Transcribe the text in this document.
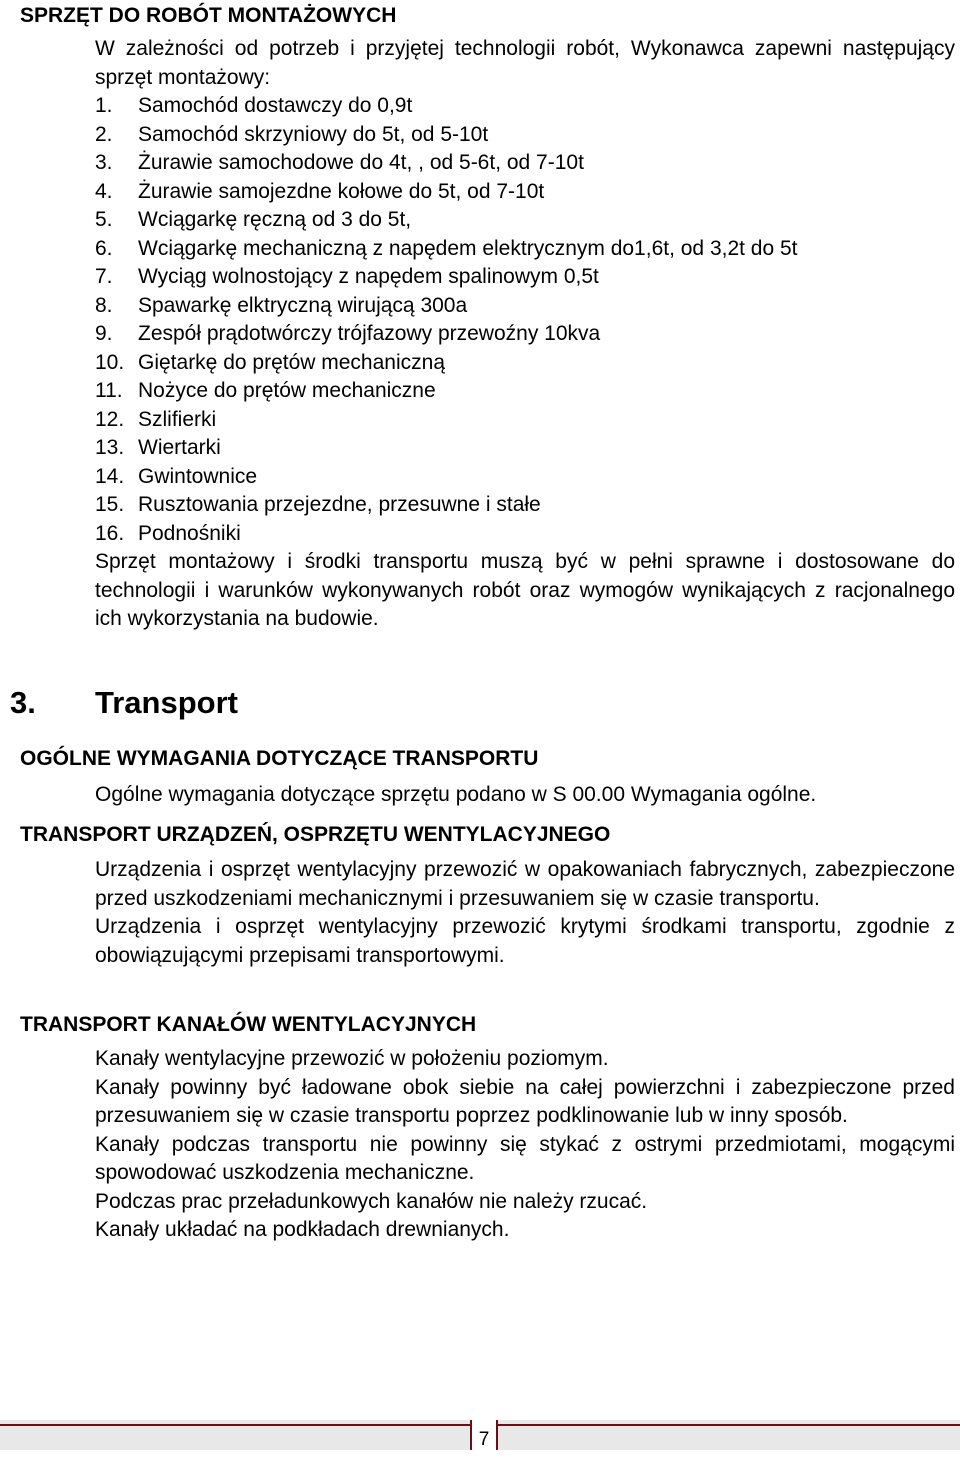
SPRZĘT DO ROBÓT MONTAŻOWYCH

W zależności od potrzeb i przyjętej technologii robót, Wykonawca zapewni następujący sprzęt montażowy:

1. Samochód dostawczy do 0,9t
2. Samochód skrzyniowy do 5t, od 5-10t
3. Żurawie samochodowe do 4t, , od 5-6t, od 7-10t
4. Żurawie samojezdne kołowe do 5t, od 7-10t
5. Wciągarkę ręczną od 3 do 5t,
6. Wciągarkę mechaniczną z napędem elektrycznym do1,6t, od 3,2t do 5t
7. Wyciąg wolnostojący z napędem spalinowym 0,5t
8. Spawarkę elktryczną wirującą 300a
9. Zespół prądotwórczy trójfazowy przewoźny 10kva
10. Giętarkę do prętów mechaniczną
11. Nożyce do prętów mechaniczne
12. Szlifierki
13. Wiertarki
14. Gwintownice
15. Rusztowania przejezdne, przesuwne i stałe
16. Podnośniki

Sprzęt montażowy i środki transportu muszą być w pełni sprawne i dostosowane do technologii i warunków wykonywanych robót oraz wymogów wynikających z racjonalnego ich wykorzystania na budowie.

3. Transport
OGÓLNE WYMAGANIA DOTYCZĄCE TRANSPORTU

Ogólne wymagania dotyczące sprzętu podano w S 00.00 Wymagania ogólne.

TRANSPORT URZĄDZEŃ, OSPRZĘTU WENTYLACYJNEGO

Urządzenia i osprzęt wentylacyjny przewozić w opakowaniach fabrycznych, zabezpieczone przed uszkodzeniami mechanicznymi i przesuwaniem się w czasie transportu.

Urządzenia i osprzęt wentylacyjny przewozić krytymi środkami transportu, zgodnie z obowiązującymi przepisami transportowymi.

TRANSPORT KANAŁÓW WENTYLACYJNYCH

Kanały wentylacyjne przewozić w położeniu poziomym.

Kanały powinny być ładowane obok siebie na całej powierzchni i zabezpieczone przed przesuwaniem się w czasie transportu poprzez podklinowanie lub w inny sposób.

Kanały podczas transportu nie powinny się stykać z ostrymi przedmiotami, mogącymi spowodować uszkodzenia mechaniczne.

Podczas prac przeładunkowych kanałów nie należy rzucać.

Kanały układać na podkładach drewnianych.

7
